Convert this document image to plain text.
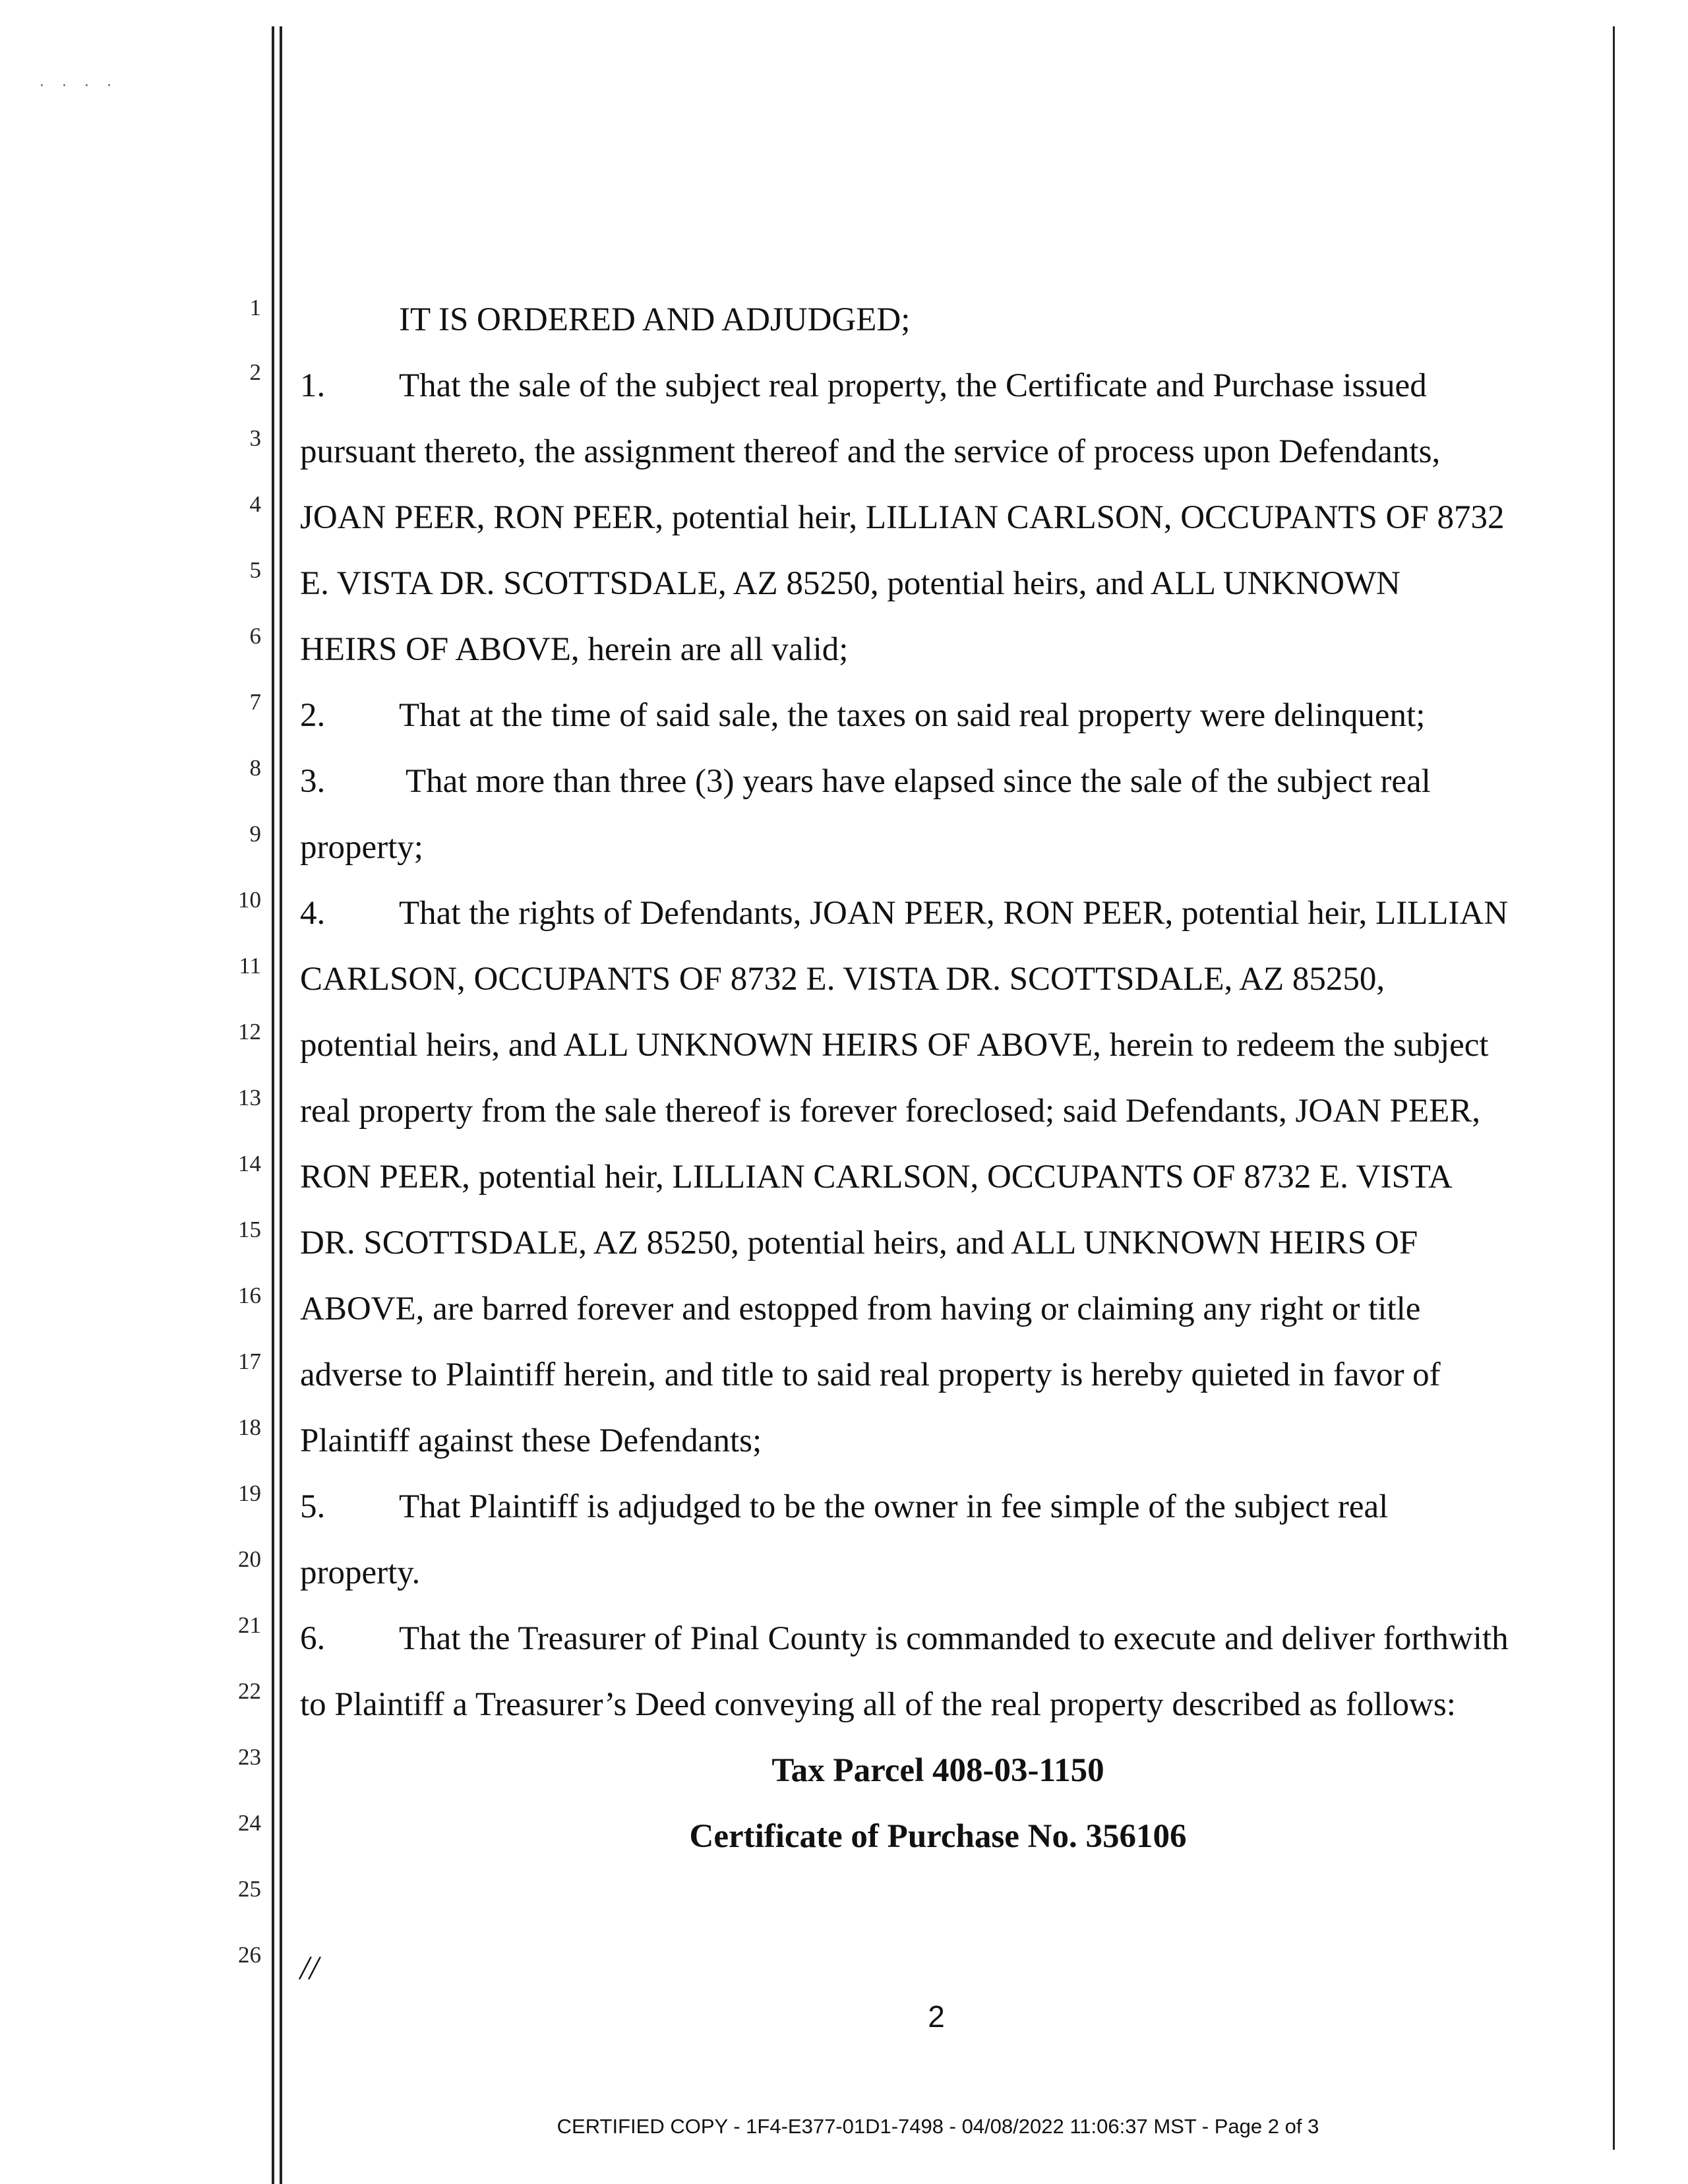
· · · ·
1
2
3
4
5
6
7
8
9
10
11
12
13
14
15
16
17
18
19
20
21
22
23
24
25
26
IT IS ORDERED AND ADJUDGED;
1. That the sale of the subject real property, the Certificate and Purchase issued
pursuant thereto, the assignment thereof and the service of process upon Defendants,
JOAN PEER, RON PEER, potential heir, LILLIAN CARLSON, OCCUPANTS OF 8732
E. VISTA DR. SCOTTSDALE, AZ 85250, potential heirs, and ALL UNKNOWN
HEIRS OF ABOVE, herein are all valid;
2. That at the time of said sale, the taxes on said real property were delinquent;
3. That more than three (3) years have elapsed since the sale of the subject real
property;
4. That the rights of Defendants, JOAN PEER, RON PEER, potential heir, LILLIAN
CARLSON, OCCUPANTS OF 8732 E. VISTA DR. SCOTTSDALE, AZ 85250,
potential heirs, and ALL UNKNOWN HEIRS OF ABOVE, herein to redeem the subject
real property from the sale thereof is forever foreclosed; said Defendants, JOAN PEER,
RON PEER, potential heir, LILLIAN CARLSON, OCCUPANTS OF 8732 E. VISTA
DR. SCOTTSDALE, AZ 85250, potential heirs, and ALL UNKNOWN HEIRS OF
ABOVE, are barred forever and estopped from having or claiming any right or title
adverse to Plaintiff herein, and title to said real property is hereby quieted in favor of
Plaintiff against these Defendants;
5. That Plaintiff is adjudged to be the owner in fee simple of the subject real
property.
6. That the Treasurer of Pinal County is commanded to execute and deliver forthwith
to Plaintiff a Treasurer’s Deed conveying all of the real property described as follows:
Tax Parcel 408-03-1150
Certificate of Purchase No. 356106
//
2
CERTIFIED COPY - 1F4-E377-01D1-7498 - 04/08/2022 11:06:37 MST - Page 2 of 3
